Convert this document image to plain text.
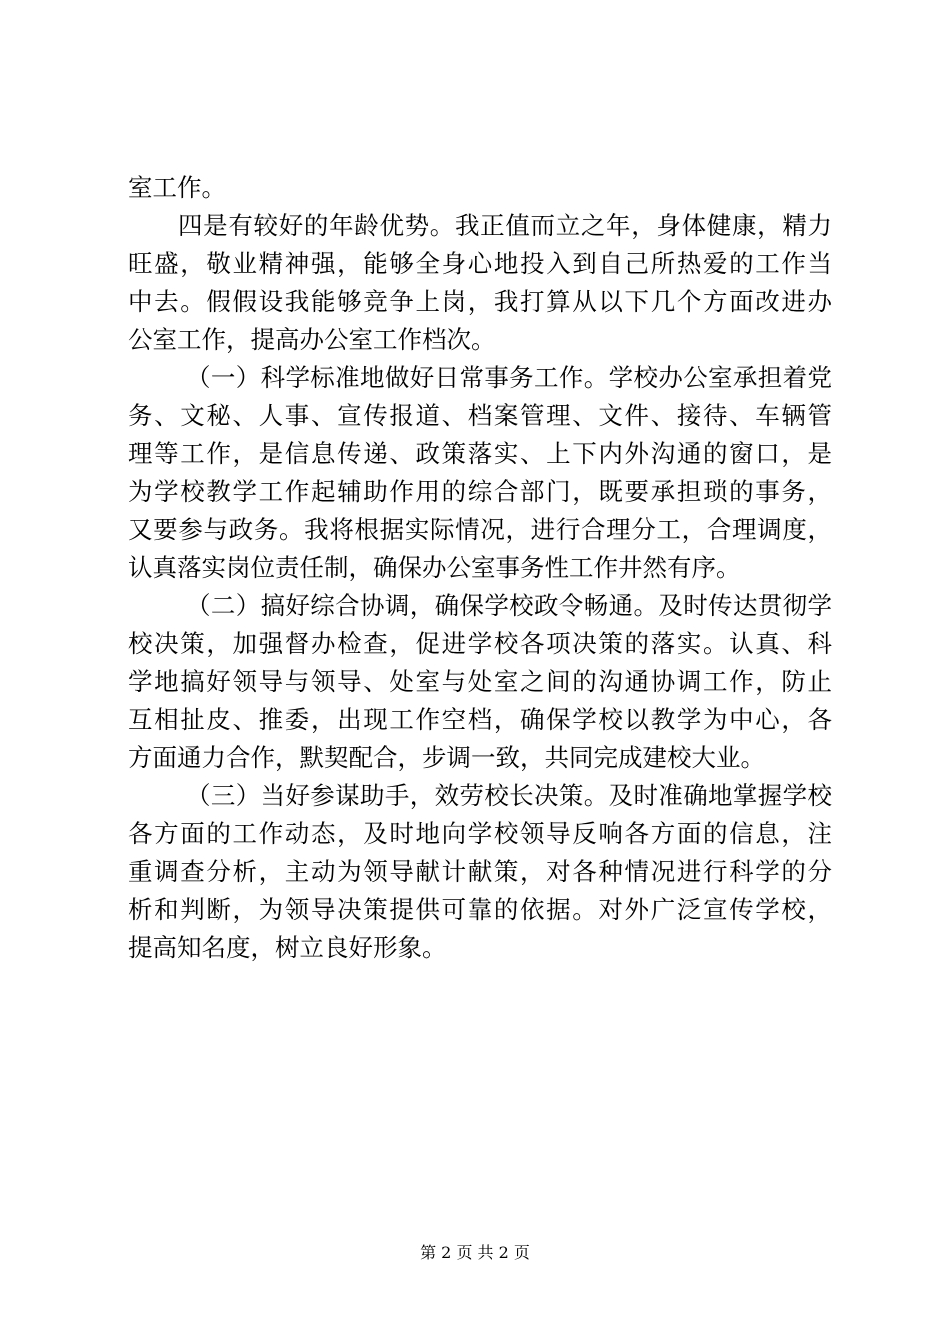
室工作。
四是有较好的年龄优势。我正值而立之年，身体健康，精力
旺盛，敬业精神强，能够全身心地投入到自己所热爱的工作当
中去。假假设我能够竞争上岗，我打算从以下几个方面改进办
公室工作，提高办公室工作档次。
（一）科学标准地做好日常事务工作。学校办公室承担着党
务、文秘、人事、宣传报道、档案管理、文件、接待、车辆管
理等工作，是信息传递、政策落实、上下内外沟通的窗口，是
为学校教学工作起辅助作用的综合部门，既要承担琐的事务，
又要参与政务。我将根据实际情况，进行合理分工，合理调度，
认真落实岗位责任制，确保办公室事务性工作井然有序。
（二）搞好综合协调，确保学校政令畅通。及时传达贯彻学
校决策，加强督办检查，促进学校各项决策的落实。认真、科
学地搞好领导与领导、处室与处室之间的沟通协调工作，防止
互相扯皮、推委，出现工作空档，确保学校以教学为中心，各
方面通力合作，默契配合，步调一致，共同完成建校大业。
（三）当好参谋助手，效劳校长决策。及时准确地掌握学校
各方面的工作动态，及时地向学校领导反响各方面的信息，注
重调查分析，主动为领导献计献策，对各种情况进行科学的分
析和判断，为领导决策提供可靠的依据。对外广泛宣传学校，
提高知名度，树立良好形象。
第 2 页 共 2 页
